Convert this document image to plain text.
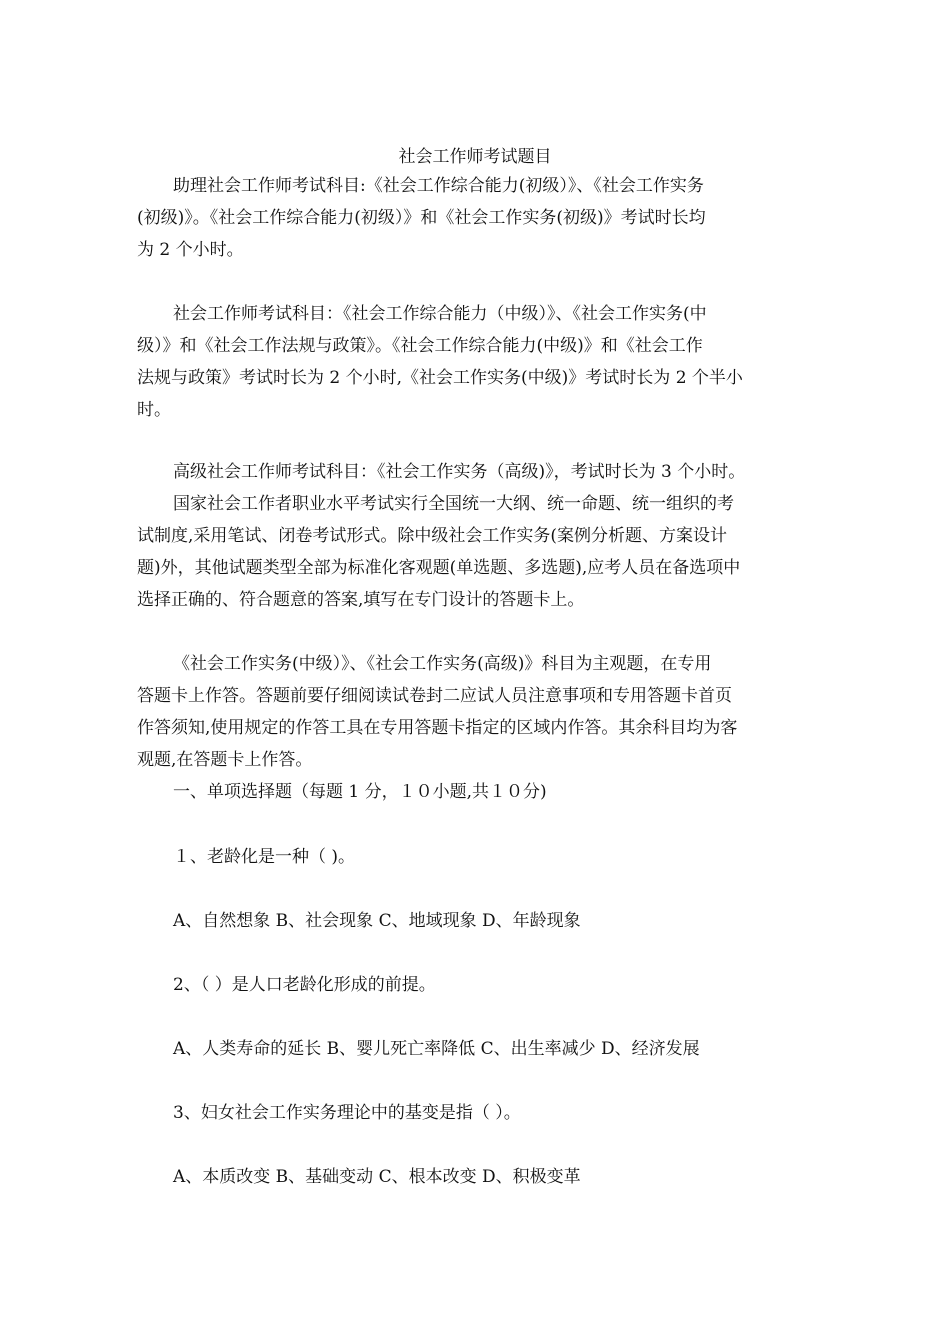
社会工作师考试题目

助理社会工作师考试科目:《社会工作综合能力(初级）》、《社会工作实务
(初级)》。《社会工作综合能力(初级）》和《社会工作实务(初级)》考试时长均
为 2 个小时。

社会工作师考试科目：《社会工作综合能力（中级）》、《社会工作实务(中
级）》和《社会工作法规与政策》。《社会工作综合能力(中级)》和《社会工作
法规与政策》考试时长为 2 个小时,《社会工作实务(中级)》考试时长为 2 个半小
时。

高级社会工作师考试科目：《社会工作实务（高级)》，考试时长为 3 个小时。
国家社会工作者职业水平考试实行全国统一大纲、统一命题、统一组织的考
试制度,采用笔试、闭卷考试形式。除中级社会工作实务(案例分析题、方案设计
题)外，其他试题类型全部为标准化客观题(单选题、多选题),应考人员在备选项中
选择正确的、符合题意的答案,填写在专门设计的答题卡上。

《社会工作实务(中级）》、《社会工作实务(高级)》科目为主观题，在专用
答题卡上作答。答题前要仔细阅读试卷封二应试人员注意事项和专用答题卡首页
作答须知,使用规定的作答工具在专用答题卡指定的区域内作答。其余科目均为客
观题,在答题卡上作答。
一、单项选择题（每题 1 分，１０小题,共１０分)

１、老龄化是一种（ )。
A、自然想象 B、社会现象 C、地域现象 D、年龄现象
2、（ ）是人口老龄化形成的前提。
A、人类寿命的延长 B、婴儿死亡率降低 C、出生率减少 D、经济发展
3、妇女社会工作实务理论中的基变是指（ ）。
A、本质改变 B、基础变动 C、根本改变 D、积极变革
